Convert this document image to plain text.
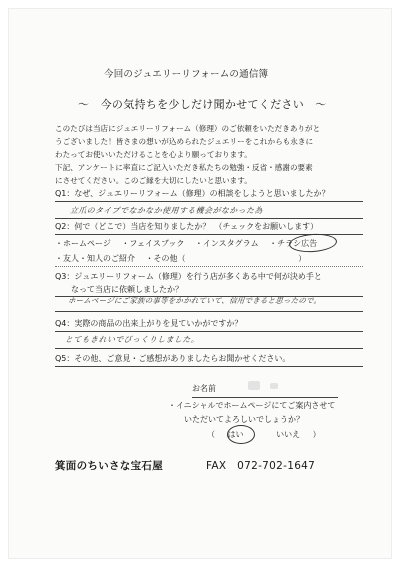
今回のジュエリーリフォームの通信簿
〜　今の気持ちを少しだけ聞かせてください　〜
このたびは当店にジュエリーリフォーム（修理）のご依頼をいただきありがと
うございました！皆さまの想いが込められたジュエリーをこれからも永きに
わたってお使いいただけることを心より願っております。
下記、アンケートに率直にご記入いただき私たちの勉強・反省・感謝の要素
にさせてください。このご縁を大切にしたいと思います。
Q1：なぜ、ジュエリーリフォーム（修理）の相談をしようと思いましたか？
立爪のタイプでなかなか使用する機会がなかった為
Q2：何で（どこで）当店を知りましたか？　（チェックをお願いします）
・ホームページ ・フェイスブック ・インスタグラム ・チラシ広告
・友人・知人のご紹介 ・その他（	）
Q3：ジュエリーリフォーム（修理）を行う店が多くある中で何が決め手と
なって当店に依頼しましたか？
ホームページにご家族の事等をかかれていて、信用できると思ったので。
Q4：実際の商品の出来上がりを見ていかがですか？
とてもきれいでびっくりしました。
Q5：その他、ご意見・ご感想がありましたらお聞かせください。
お名前
・イニシャルでホームページにてご案内させて
いただいてよろしいでしょうか？
（ はい	いいえ ）
箕面のちいさな宝石屋	FAX　072-702-1647
